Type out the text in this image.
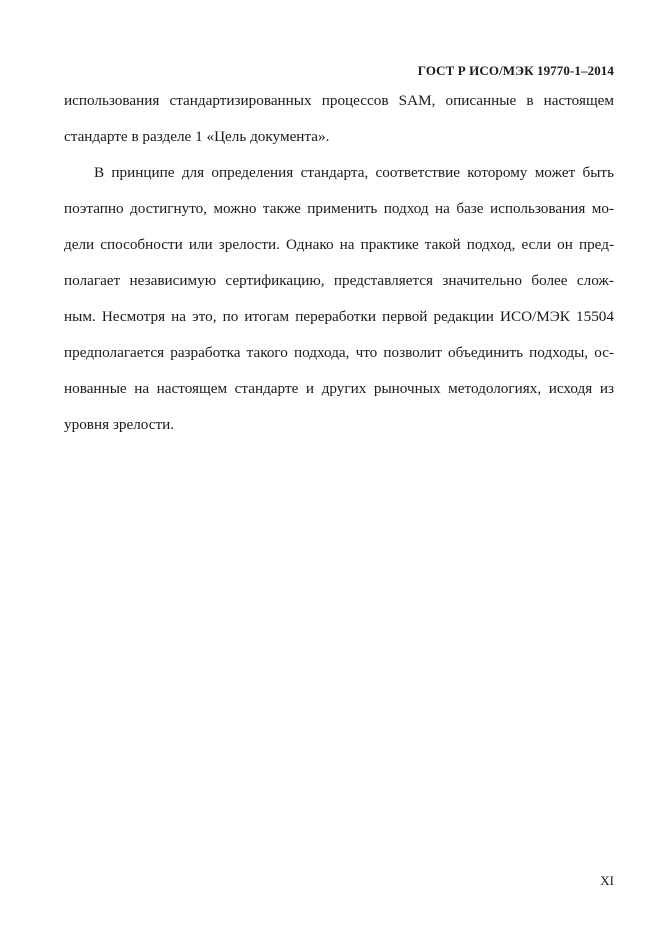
ГОСТ Р ИСО/МЭК 19770-1–2014
использования стандартизированных процессов SAM, описанные в настоящем
стандарте в разделе 1 «Цель документа».
В принципе для определения стандарта, соответствие которому может быть
поэтапно достигнуто, можно также применить подход на базе использования мо-
дели способности или зрелости. Однако на практике такой подход, если он пред-
полагает независимую сертификацию, представляется значительно более слож-
ным. Несмотря на это, по итогам переработки первой редакции ИСО/МЭК 15504
предполагается разработка такого подхода, что позволит объединить подходы, ос-
нованные на настоящем стандарте и других рыночных методологиях, исходя из
уровня зрелости.
XI
